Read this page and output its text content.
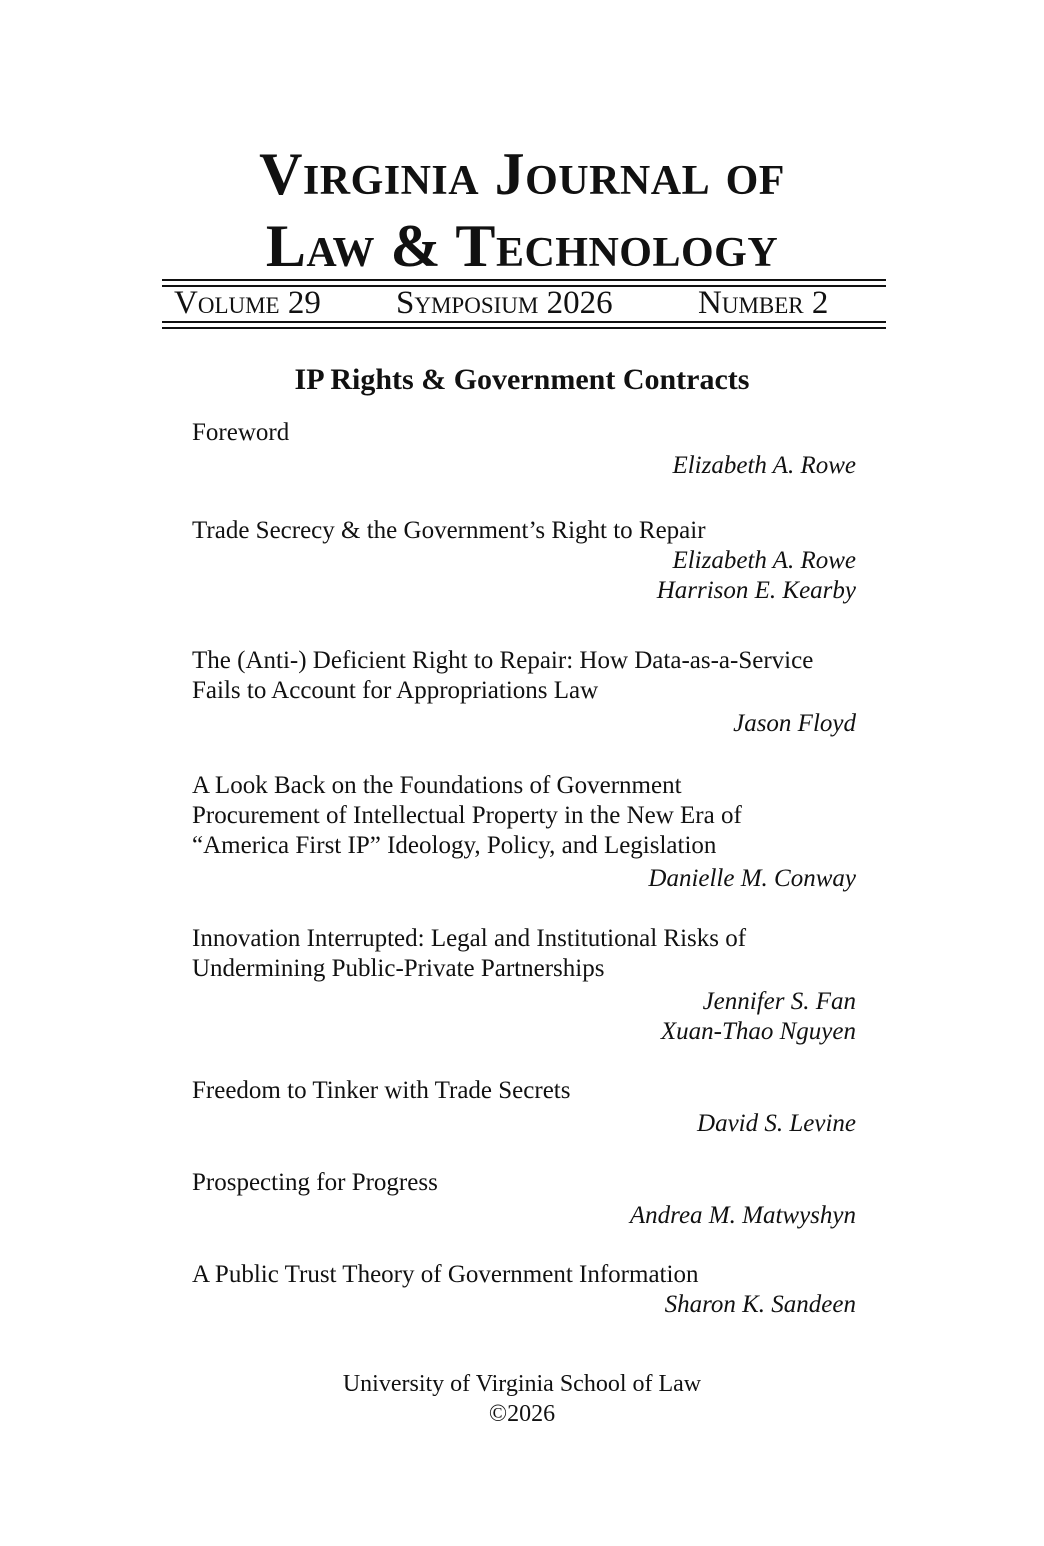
Virginia Journal of
Law & Technology
Volume 29 Symposium 2026	Number 2
IP Rights & Government Contracts
Foreword
Elizabeth A. Rowe
Trade Secrecy & the Government’s Right to Repair
Elizabeth A. Rowe
Harrison E. Kearby
The (Anti-) Deficient Right to Repair: How Data-as-a-Service
Fails to Account for Appropriations Law
Jason Floyd
A Look Back on the Foundations of Government
Procurement of Intellectual Property in the New Era of
“America First IP” Ideology, Policy, and Legislation
Danielle M. Conway
Innovation Interrupted: Legal and Institutional Risks of
Undermining Public-Private Partnerships
Jennifer S. Fan
Xuan-Thao Nguyen
Freedom to Tinker with Trade Secrets
David S. Levine
Prospecting for Progress
Andrea M. Matwyshyn
A Public Trust Theory of Government Information
Sharon K. Sandeen
University of Virginia School of Law
©2026
